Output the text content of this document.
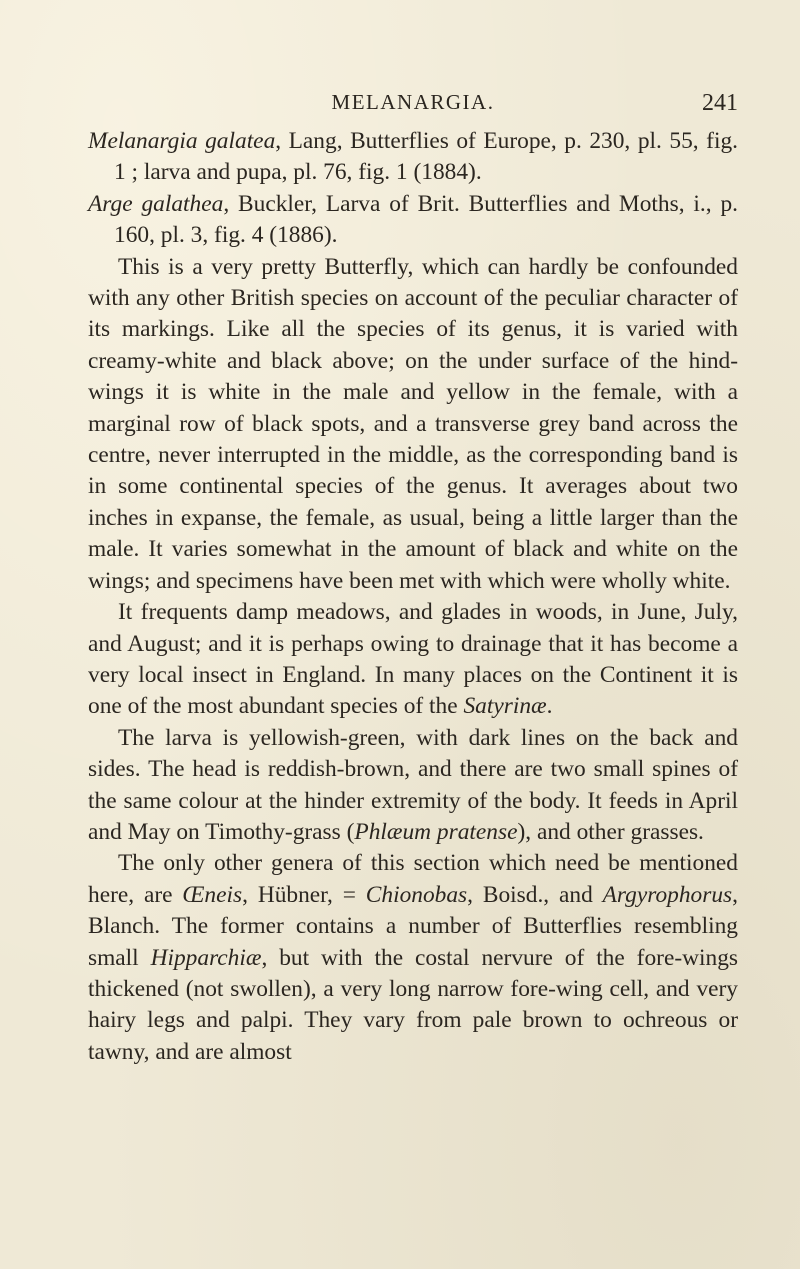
MELANARGIA.	241

Melanargia galatea, Lang, Butterflies of Europe, p. 230, pl. 55, fig. 1 ; larva and pupa, pl. 76, fig. 1 (1884).

Arge galathea, Buckler, Larva of Brit. Butterflies and Moths, i., p. 160, pl. 3, fig. 4 (1886).

This is a very pretty Butterfly, which can hardly be confounded with any other British species on account of the peculiar character of its markings. Like all the species of its genus, it is varied with creamy-white and black above; on the under surface of the hind-wings it is white in the male and yellow in the female, with a marginal row of black spots, and a transverse grey band across the centre, never interrupted in the middle, as the corresponding band is in some continental species of the genus. It averages about two inches in expanse, the female, as usual, being a little larger than the male. It varies somewhat in the amount of black and white on the wings; and specimens have been met with which were wholly white.

It frequents damp meadows, and glades in woods, in June, July, and August; and it is perhaps owing to drainage that it has become a very local insect in England. In many places on the Continent it is one of the most abundant species of the Satyrinæ.

The larva is yellowish-green, with dark lines on the back and sides. The head is reddish-brown, and there are two small spines of the same colour at the hinder extremity of the body. It feeds in April and May on Timothy-grass (Phlæum pratense), and other grasses.

The only other genera of this section which need be mentioned here, are Œneis, Hübner, = Chionobas, Boisd., and Argyrophorus, Blanch. The former contains a number of Butterflies resembling small Hipparchiæ, but with the costal nervure of the fore-wings thickened (not swollen), a very long narrow fore-wing cell, and very hairy legs and palpi. They vary from pale brown to ochreous or tawny, and are almost
